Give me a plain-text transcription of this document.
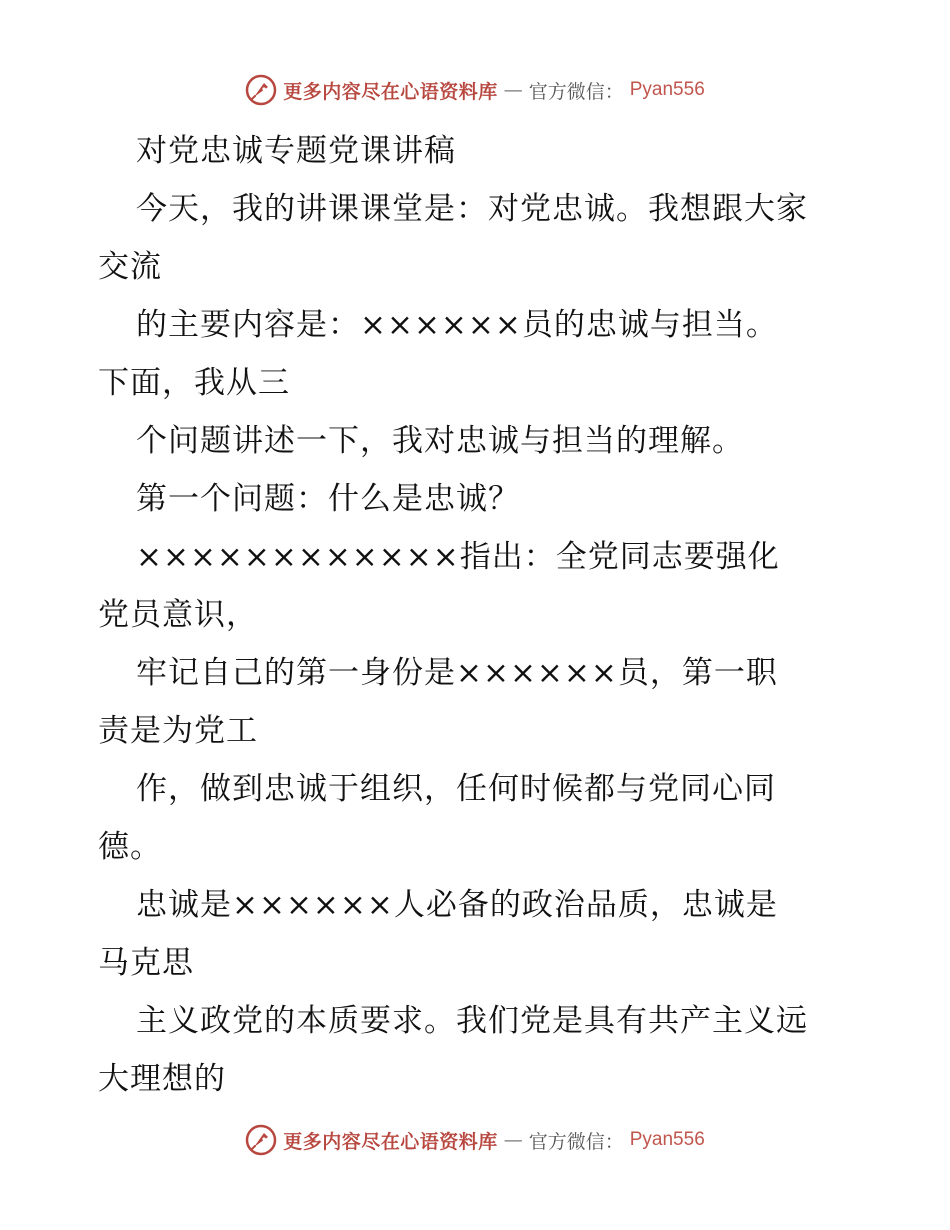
更多内容尽在心语资料库 — 官方微信： Pyan556
对党忠诚专题党课讲稿
今天，我的讲课课堂是：对党忠诚。我想跟大家
交流
的主要内容是：××××××员的忠诚与担当。
下面，我从三
个问题讲述一下，我对忠诚与担当的理解。
第一个问题：什么是忠诚？
××××××××××××指出：全党同志要强化
党员意识，
牢记自己的第一身份是××××××员，第一职
责是为党工
作，做到忠诚于组织，任何时候都与党同心同
德。
忠诚是××××××人必备的政治品质，忠诚是
马克思
主义政党的本质要求。我们党是具有共产主义远
大理想的
更多内容尽在心语资料库 — 官方微信： Pyan556
